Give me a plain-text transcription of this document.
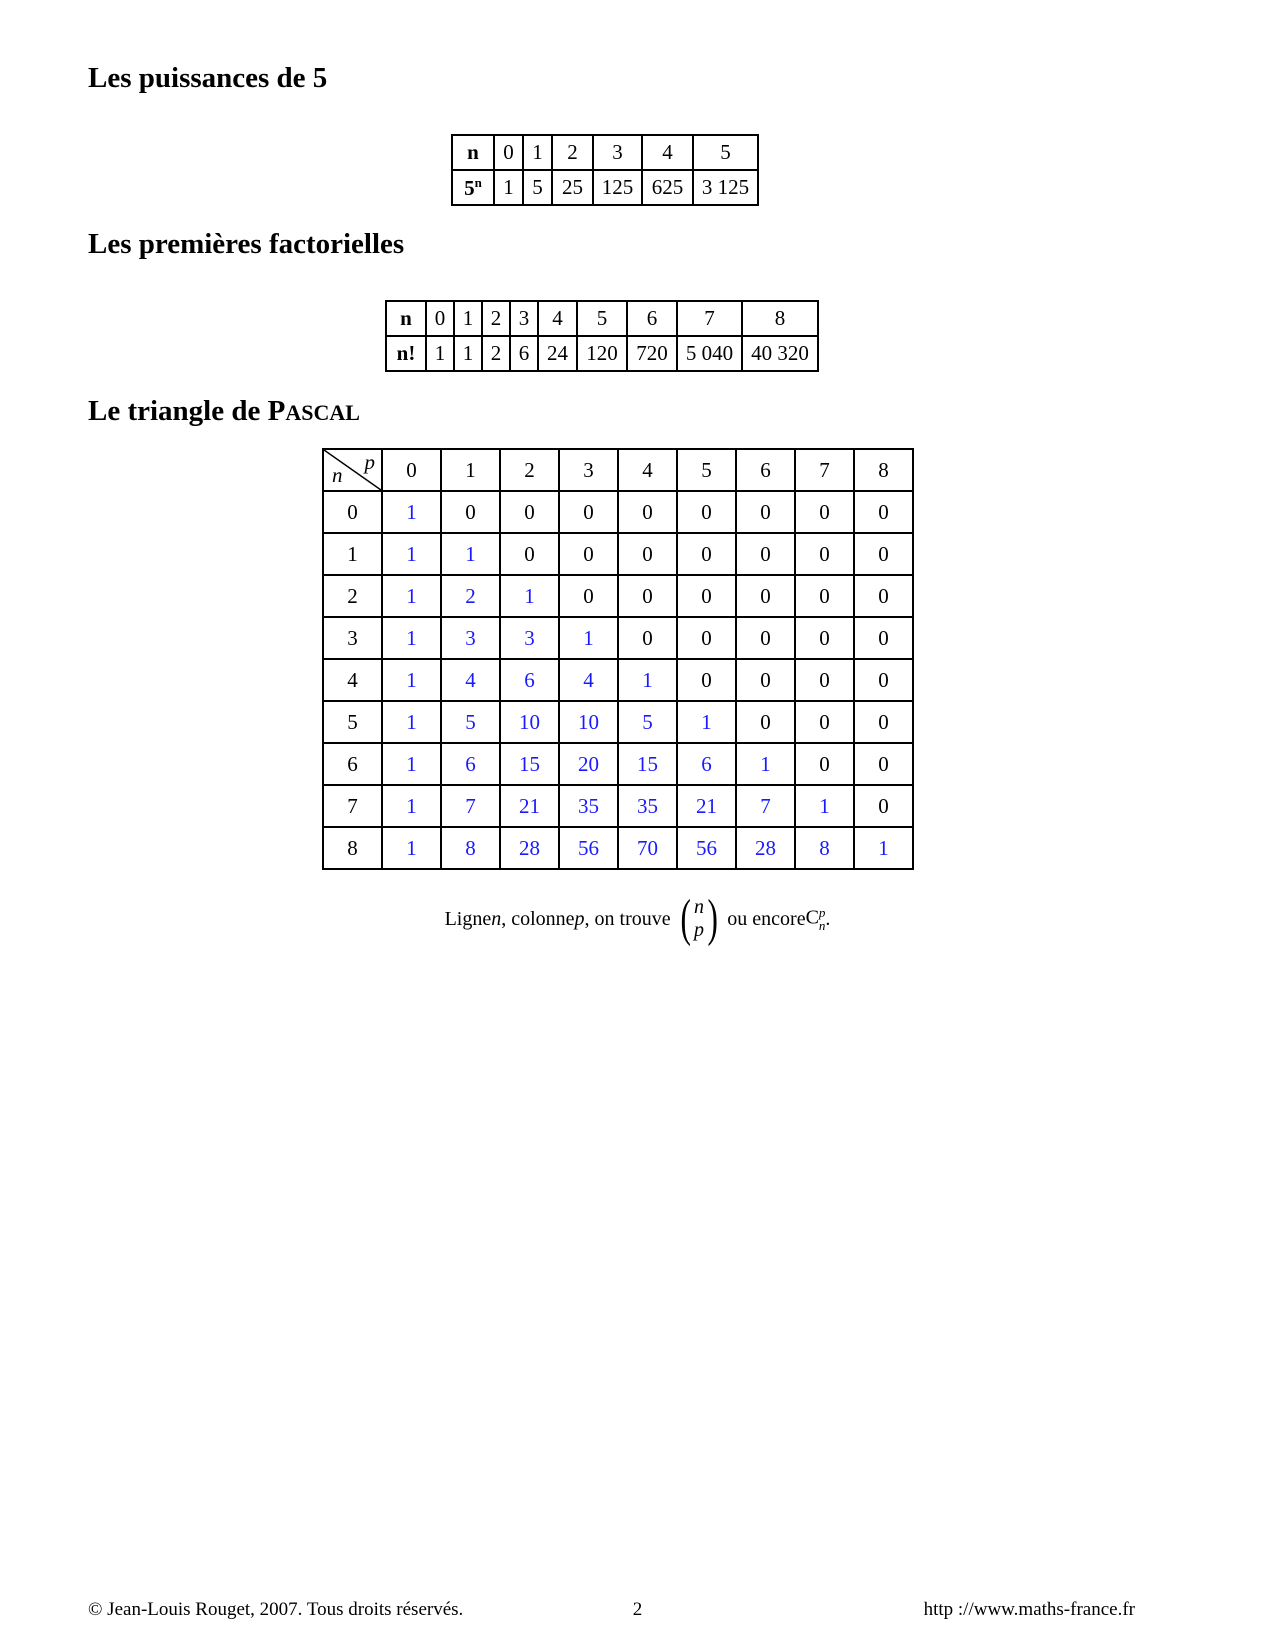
Les puissances de 5
n	0	1	2	3	4	5
5$^n$	1	5	25	125	625	3 125
Les premières factorielles
n	0	1	2	3	4	5	6	7	8
n!	1	1	2	6	24	120	720	5 040	40 320
Le triangle de PASCAL
p
n	0	1	2	3	4	5	6	7	8
0	1	0	0	0	0	0	0	0	0
1	1	1	0	0	0	0	0	0	0
2	1	2	1	0	0	0	0	0	0
3	1	3	3	1	0	0	0	0	0
4	1	4	6	4	1	0	0	0	0
5	1	5	10	10	5	1	0	0	0
6	1	6	15	20	15	6	1	0	0
7	1	7	21	35	35	21	7	1	0
8	1	8	28	56	70	56	28	8	1
Ligne n , colonne p , on trouve ( n
p ) ou encore C p
n .
© Jean-Louis Rouget, 2007. Tous droits réservés.	2	http ://www.maths-france.fr
